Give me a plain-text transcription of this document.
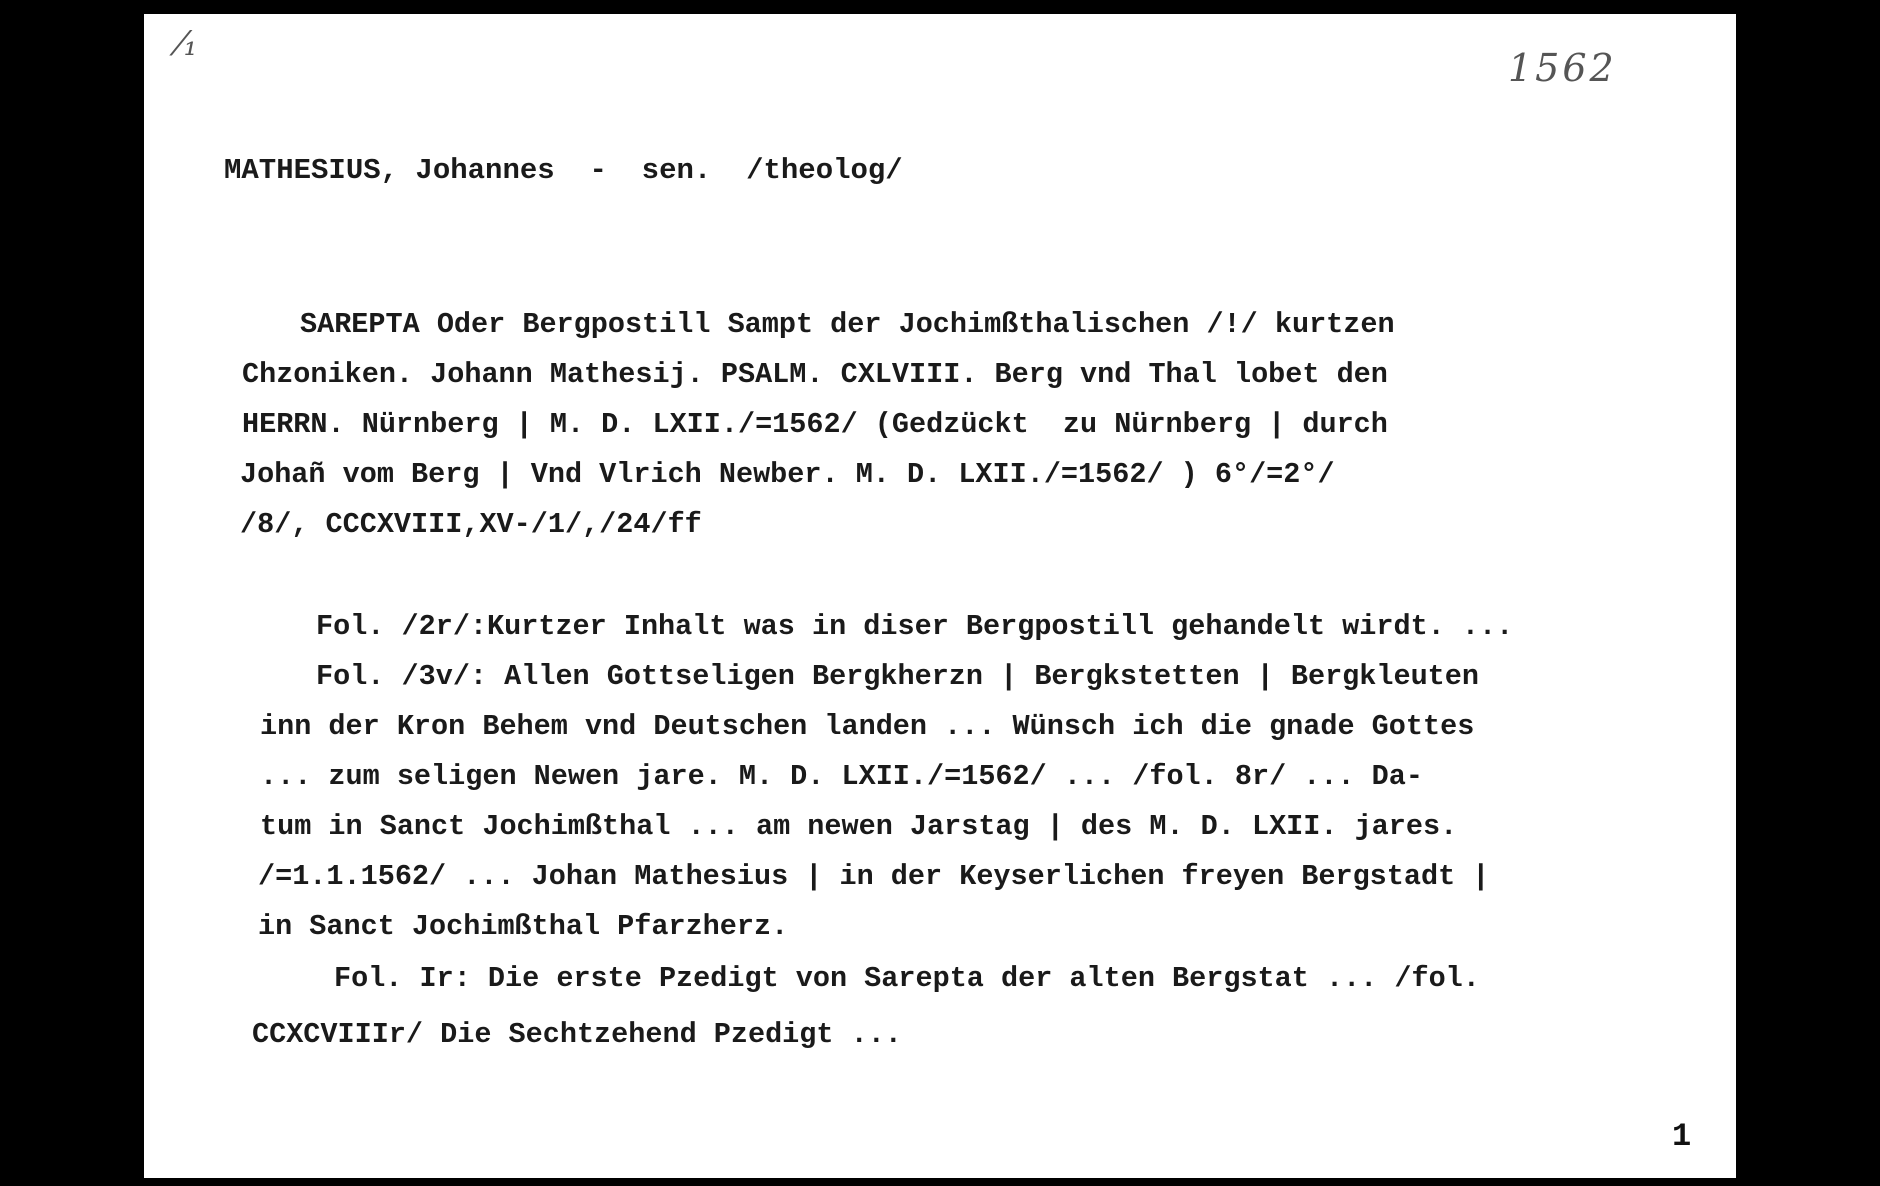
⁄₁
1562
MATHESIUS, Johannes  -  sen.  /theolog/
SAREPTA Oder Bergpostill Sampt der Jochimßthalischen /!/ kurtzen
Chzoniken. Johann Mathesij. PSALM. CXLVIII. Berg vnd Thal lobet den
HERRN. Nürnberg | M. D. LXII./=1562/ (Gedzückt  zu Nürnberg | durch
Johañ vom Berg | Vnd Vlrich Newber. M. D. LXII./=1562/ ) 6°/=2°/
/8/, CCCXVIII,XV-/1/,/24/ff
Fol. /2r/:Kurtzer Inhalt was in diser Bergpostill gehandelt wirdt. ...
Fol. /3v/: Allen Gottseligen Bergkherzn | Bergkstetten | Bergkleuten
inn der Kron Behem vnd Deutschen landen ... Wünsch ich die gnade Gottes
... zum seligen Newen jare. M. D. LXII./=1562/ ... /fol. 8r/ ... Da-
tum in Sanct Jochimßthal ... am newen Jarstag | des M. D. LXII. jares.
/=1.1.1562/ ... Johan Mathesius | in der Keyserlichen freyen Bergstadt |
in Sanct Jochimßthal Pfarzherz.
Fol. Ir: Die erste Pzedigt von Sarepta der alten Bergstat ... /fol.
CCXCVIIIr/ Die Sechtzehend Pzedigt ...
1
